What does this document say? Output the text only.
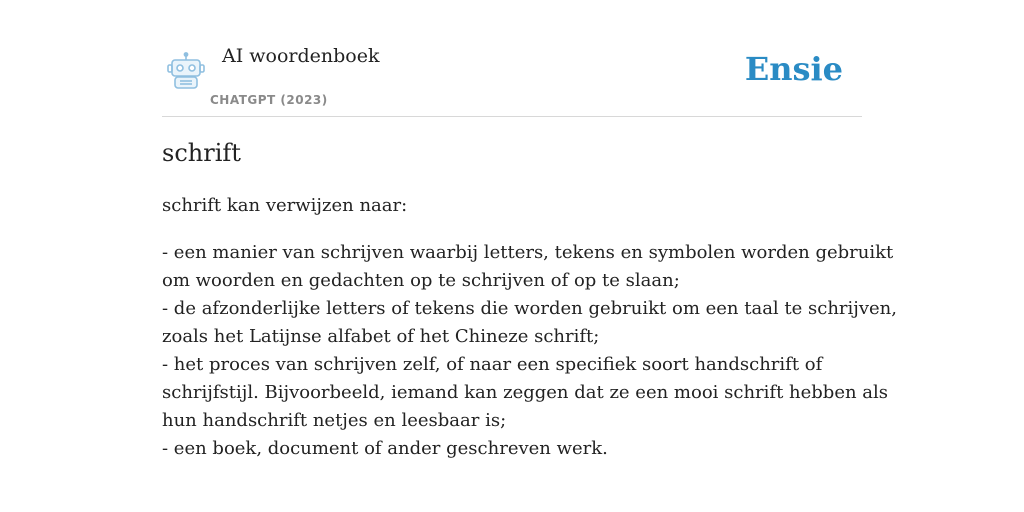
AI woordenboek
CHATGPT (2023)
Ensie
schrift
schrift kan verwijzen naar:
- een manier van schrijven waarbij letters, tekens en symbolen worden gebruikt
om woorden en gedachten op te schrijven of op te slaan;
- de afzonderlijke letters of tekens die worden gebruikt om een taal te schrijven,
zoals het Latijnse alfabet of het Chineze schrift;
- het proces van schrijven zelf, of naar een specifiek soort handschrift of
schrijfstijl. Bijvoorbeeld, iemand kan zeggen dat ze een mooi schrift hebben als
hun handschrift netjes en leesbaar is;
- een boek, document of ander geschreven werk.
